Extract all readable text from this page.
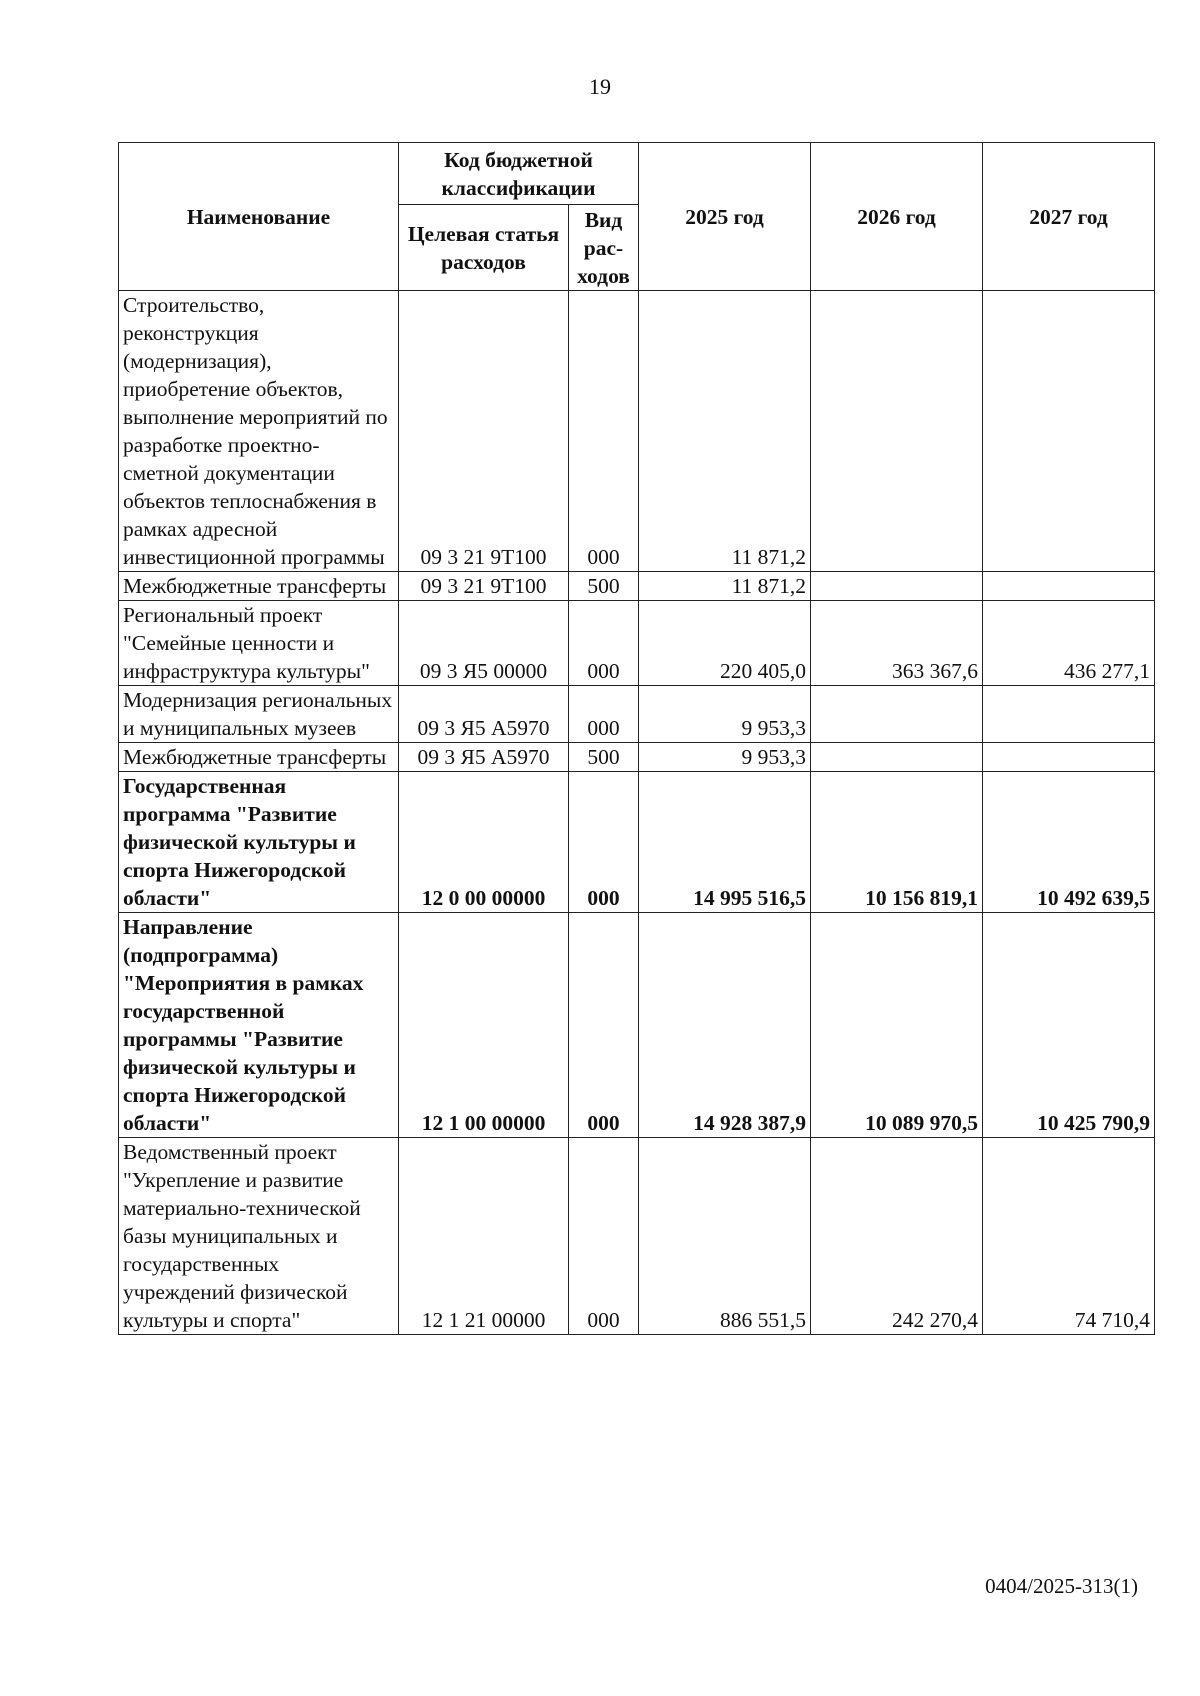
19
Наименование	Код бюджетной классификации		2025 год	2026 год	2027 год
	Целевая статья расходов	Вид рас- ходов			
Строительство, реконструкция (модернизация), приобретение объектов, выполнение мероприятий по разработке проектно-сметной документации объектов теплоснабжения в рамках адресной инвестиционной программы	09 3 21 9Т100	000	11 871,2		
Межбюджетные трансферты	09 3 21 9Т100	500	11 871,2		
Региональный проект "Семейные ценности и инфраструктура культуры"	09 3 Я5 00000	000	220 405,0	363 367,6	436 277,1
Модернизация региональных и муниципальных музеев	09 3 Я5 А5970	000	9 953,3		
Межбюджетные трансферты	09 3 Я5 А5970	500	9 953,3		
Государственная программа "Развитие физической культуры и спорта Нижегородской области"	12 0 00 00000	000	14 995 516,5	10 156 819,1	10 492 639,5
Направление (подпрограмма) "Мероприятия в рамках государственной программы "Развитие физической культуры и спорта Нижегородской области"	12 1 00 00000	000	14 928 387,9	10 089 970,5	10 425 790,9
Ведомственный проект "Укрепление и развитие материально-технической базы муниципальных и государственных учреждений физической культуры и спорта"	12 1 21 00000	000	886 551,5	242 270,4	74 710,4
0404/2025-313(1)
